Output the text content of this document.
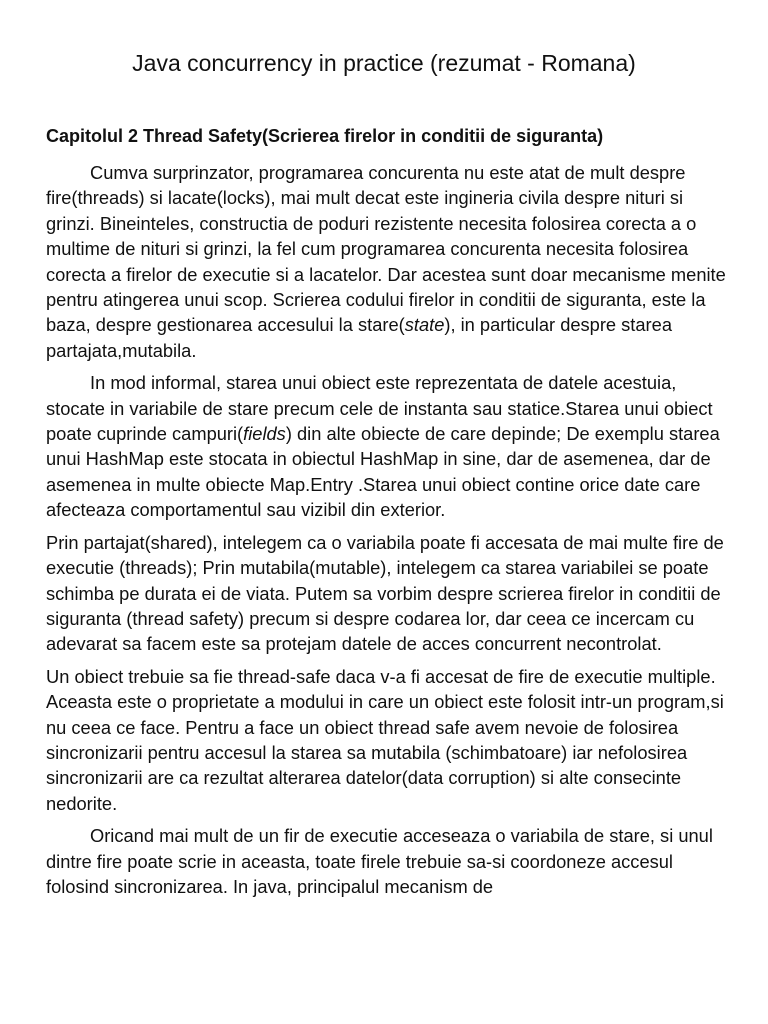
Java concurrency in practice (rezumat - Romana)
Capitolul 2 Thread Safety(Scrierea firelor in conditii de siguranta)

Cumva surprinzator, programarea concurenta nu este atat de mult despre fire(threads) si lacate(locks), mai mult decat este ingineria civila despre nituri si grinzi. Bineinteles, constructia de poduri rezistente necesita folosirea corecta a o multime de nituri si grinzi, la fel cum programarea concurenta necesita folosirea corecta a firelor de executie si a lacatelor. Dar acestea sunt doar mecanisme menite pentru atingerea unui scop. Scrierea codului firelor in conditii de siguranta, este la baza, despre gestionarea accesului la stare(state), in particular despre starea partajata,mutabila.

In mod informal, starea unui obiect este reprezentata de datele acestuia, stocate in variabile de stare precum cele de instanta sau statice.Starea unui obiect poate cuprinde campuri(fields) din alte obiecte de care depinde; De exemplu starea unui HashMap este stocata in obiectul HashMap in sine, dar de asemenea, dar de asemenea in multe obiecte Map.Entry .Starea unui obiect contine orice date care afecteaza comportamentul sau vizibil din exterior.

Prin partajat(shared), intelegem ca o variabila poate fi accesata de mai multe fire de executie (threads); Prin mutabila(mutable), intelegem ca starea variabilei se poate schimba pe durata ei de viata. Putem sa vorbim despre scrierea firelor in conditii de siguranta (thread safety) precum si despre codarea lor, dar ceea ce incercam cu adevarat sa facem este sa protejam datele de acces concurrent necontrolat.

Un obiect trebuie sa fie thread-safe daca v-a fi accesat de fire de executie multiple. Aceasta este o proprietate a modului in care un obiect este folosit intr-un program,si nu ceea ce face. Pentru a face un obiect thread safe avem nevoie de folosirea sincronizarii pentru accesul la starea sa mutabila (schimbatoare) iar nefolosirea sincronizarii are ca rezultat alterarea datelor(data corruption) si alte consecinte nedorite.

Oricand mai mult de un fir de executie acceseaza o variabila de stare, si unul dintre fire poate scrie in aceasta, toate firele trebuie sa-si coordoneze accesul folosind sincronizarea. In java, principalul mecanism de
